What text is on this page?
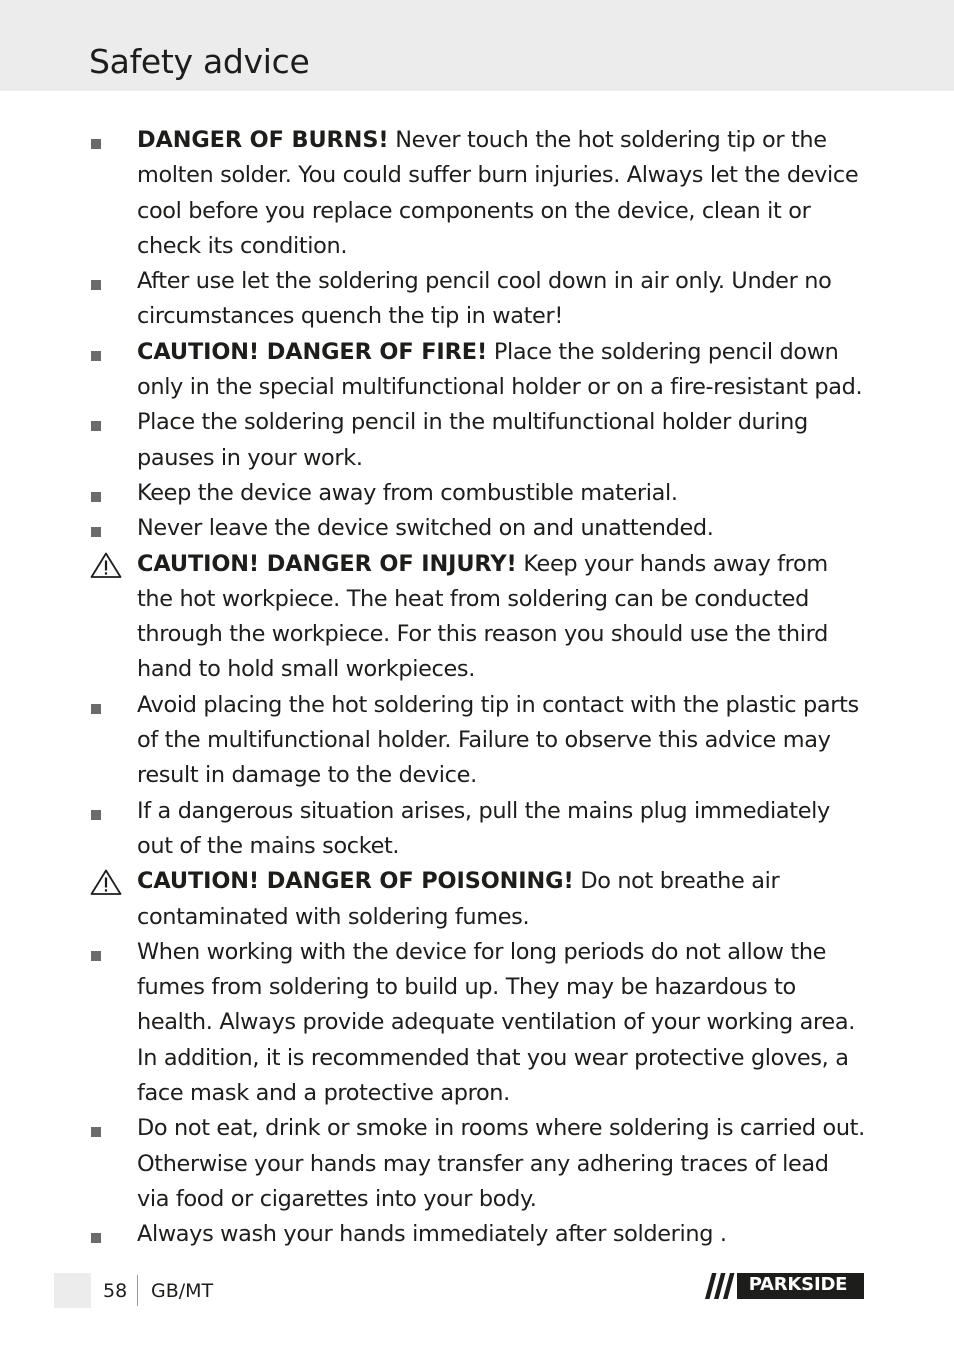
Safety advice
DANGER OF BURNS! Never touch the hot soldering tip or the molten solder. You could suffer burn injuries. Always let the device cool before you replace components on the device, clean it or check its condition.
After use let the soldering pencil cool down in air only. Under no circumstances quench the tip in water!
CAUTION! DANGER OF FIRE! Place the soldering pencil down only in the special multifunctional holder or on a fire-resistant pad.
Place the soldering pencil in the multifunctional holder during pauses in your work.
Keep the device away from combustible material.
Never leave the device switched on and unattended.
CAUTION! DANGER OF INJURY! Keep your hands away from the hot workpiece. The heat from soldering can be conducted through the workpiece. For this reason you should use the third hand to hold small workpieces.
Avoid placing the hot soldering tip in contact with the plastic parts of the multifunctional holder. Failure to observe this advice may result in damage to the device.
If a dangerous situation arises, pull the mains plug immediately out of the mains socket.
CAUTION! DANGER OF POISONING! Do not breathe air contaminated with soldering fumes.
When working with the device for long periods do not allow the fumes from soldering to build up. They may be hazardous to health. Always provide adequate ventilation of your working area. In addition, it is recommended that you wear protective gloves, a face mask and a protective apron.
Do not eat, drink or smoke in rooms where soldering is carried out. Otherwise your hands may transfer any adhering traces of lead via food or cigarettes into your body.
Always wash your hands immediately after soldering .
58 GB/MT	PARKSIDE
